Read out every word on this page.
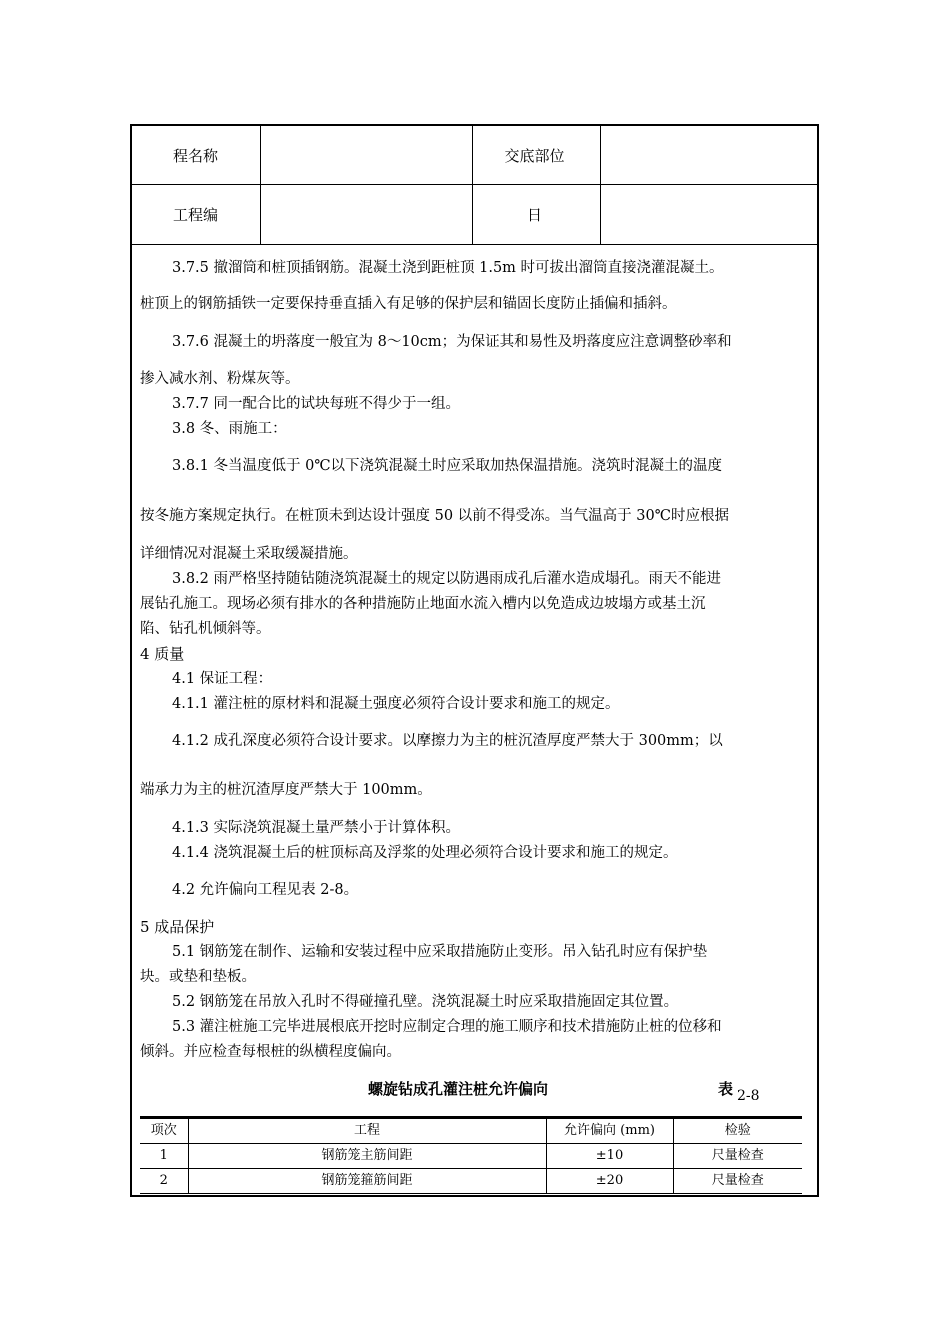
程名称	交底部位
工程编	日
3.7.5 撤溜筒和桩顶插钢筋。混凝土浇到距桩顶 1.5m 时可拔出溜筒直接浇灌混凝土。
桩顶上的钢筋插铁一定要保持垂直插入有足够的保护层和锚固长度防止插偏和插斜。
3.7.6 混凝土的坍落度一般宜为 8～10cm；为保证其和易性及坍落度应注意调整砂率和
掺入减水剂、粉煤灰等。
3.7.7 同一配合比的试块每班不得少于一组。
3.8 冬、雨施工：
3.8.1 冬当温度低于 0℃以下浇筑混凝土时应采取加热保温措施。浇筑时混凝土的温度
按冬施方案规定执行。在桩顶未到达设计强度 50 以前不得受冻。当气温高于 30℃时应根据
详细情况对混凝土采取缓凝措施。
3.8.2 雨严格坚持随钻随浇筑混凝土的规定以防遇雨成孔后灌水造成塌孔。雨天不能进
展钻孔施工。现场必须有排水的各种措施防止地面水流入槽内以免造成边坡塌方或基土沉
陷、钻孔机倾斜等。
4 质量
4.1 保证工程：
4.1.1 灌注桩的原材料和混凝土强度必须符合设计要求和施工的规定。
4.1.2 成孔深度必须符合设计要求。以摩擦力为主的桩沉渣厚度严禁大于 300mm；以
端承力为主的桩沉渣厚度严禁大于 100mm。
4.1.3 实际浇筑混凝土量严禁小于计算体积。
4.1.4 浇筑混凝土后的桩顶标高及浮浆的处理必须符合设计要求和施工的规定。
4.2 允许偏向工程见表 2-8。
5 成品保护
5.1 钢筋笼在制作、运输和安装过程中应采取措施防止变形。吊入钻孔时应有保护垫
块。或垫和垫板。
5.2 钢筋笼在吊放入孔时不得碰撞孔壁。浇筑混凝土时应采取措施固定其位置。
5.3 灌注桩施工完毕进展根底开挖时应制定合理的施工顺序和技术措施防止桩的位移和
倾斜。并应检查每根桩的纵横程度偏向。
螺旋钻成孔灌注桩允许偏向	表 2-8
项次	工程	允许偏向 (mm)	检验
1	钢筋笼主筋间距	±10	尺量检查
2	钢筋笼箍筋间距	±20	尺量检查
